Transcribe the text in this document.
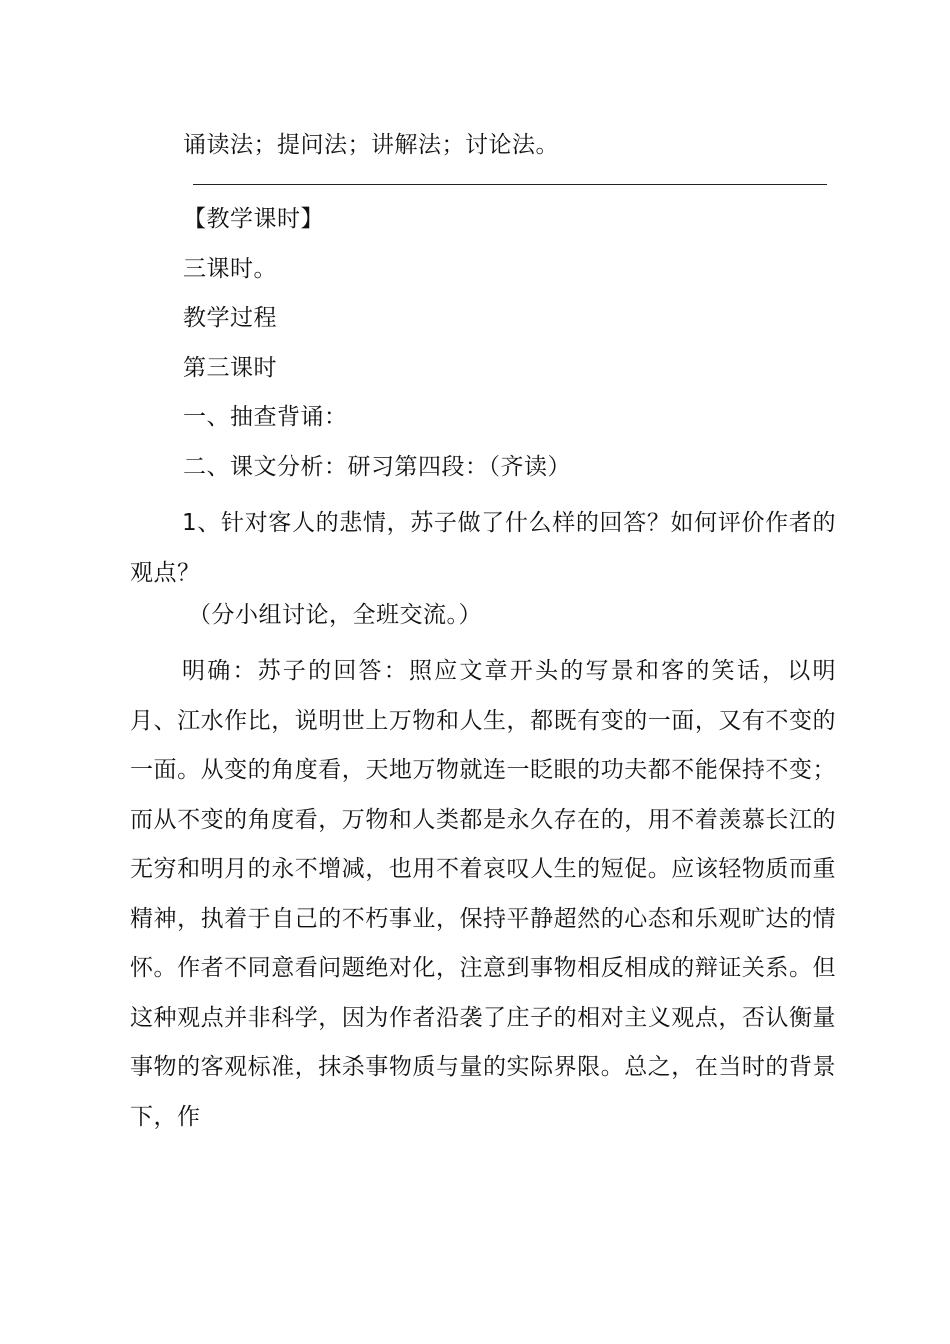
诵读法；提问法；讲解法；讨论法。
【教学课时】
三课时。
教学过程
第三课时
一、抽查背诵：
二、课文分析：研习第四段：（齐读）
1、针对客人的悲情，苏子做了什么样的回答？如何评价作者的观点？
（分小组讨论，全班交流。）
明确：苏子的回答：照应文章开头的写景和客的笑话，以明月、江水作比，说明世上万物和人生，都既有变的一面，又有不变的一面。从变的角度看，天地万物就连一眨眼的功夫都不能保持不变；而从不变的角度看，万物和人类都是永久存在的，用不着羡慕长江的无穷和明月的永不增减，也用不着哀叹人生的短促。应该轻物质而重精神，执着于自己的不朽事业，保持平静超然的心态和乐观旷达的情怀。作者不同意看问题绝对化，注意到事物相反相成的辩证关系。但这种观点并非科学，因为作者沿袭了庄子的相对主义观点，否认衡量事物的客观标准，抹杀事物质与量的实际界限。总之，在当时的背景下，作
